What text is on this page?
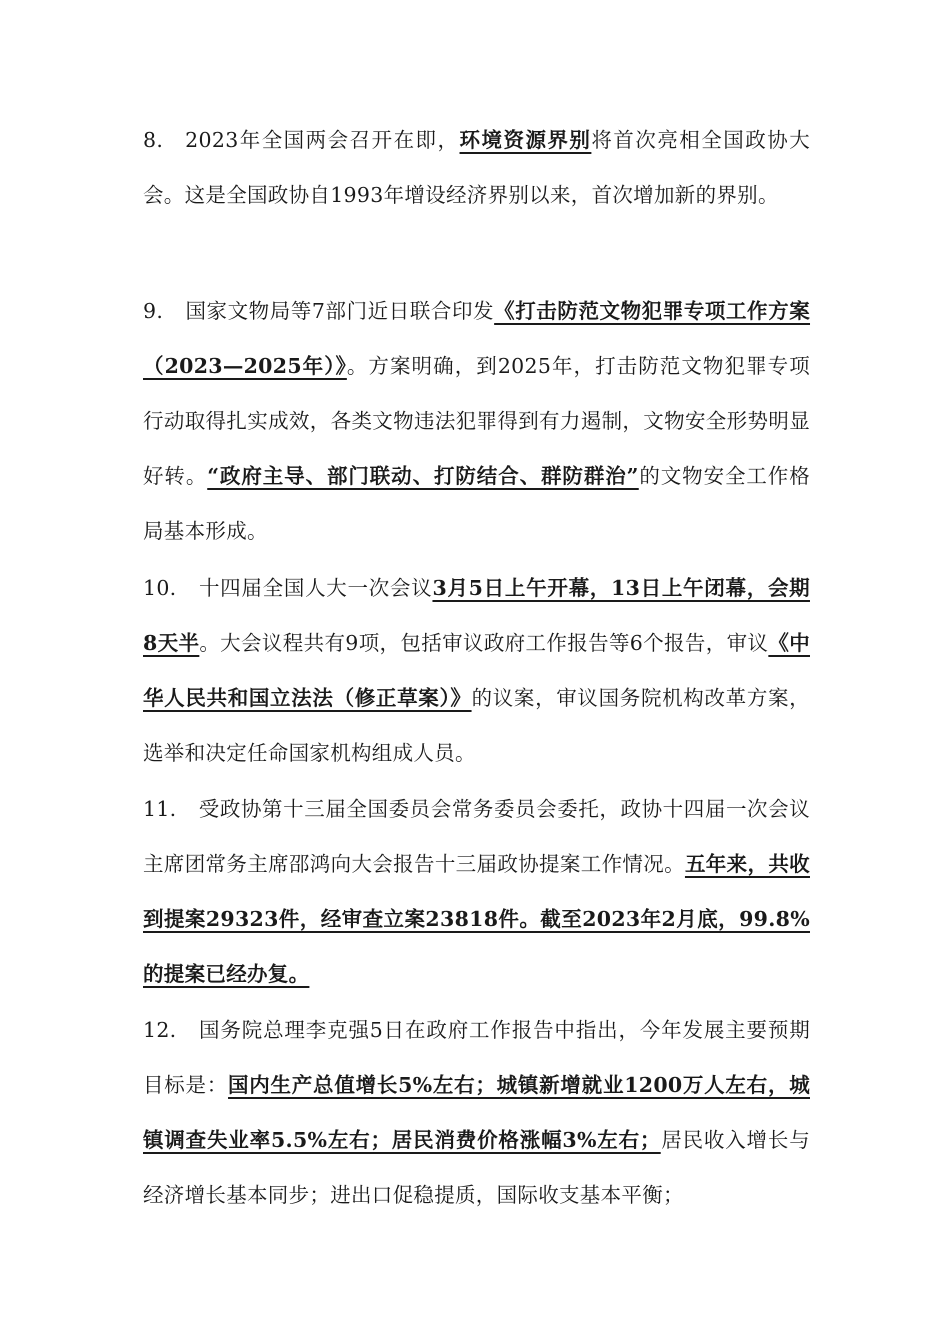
8. 2023年全国两会召开在即，环境资源界别将首次亮相全国政协大会。这是全国政协自1993年增设经济界别以来，首次增加新的界别。

9. 国家文物局等7部门近日联合印发《打击防范文物犯罪专项工作方案（2023—2025年）》。方案明确，到2025年，打击防范文物犯罪专项行动取得扎实成效，各类文物违法犯罪得到有力遏制，文物安全形势明显好转。“政府主导、部门联动、打防结合、群防群治”的文物安全工作格局基本形成。

10. 十四届全国人大一次会议3月5日上午开幕，13日上午闭幕，会期8天半。大会议程共有9项，包括审议政府工作报告等6个报告，审议《中华人民共和国立法法（修正草案）》的议案，审议国务院机构改革方案，选举和决定任命国家机构组成人员。

11. 受政协第十三届全国委员会常务委员会委托，政协十四届一次会议主席团常务主席邵鸿向大会报告十三届政协提案工作情况。五年来，共收到提案29323件，经审查立案23818件。截至2023年2月底，99.8%的提案已经办复。

12. 国务院总理李克强5日在政府工作报告中指出，今年发展主要预期目标是：国内生产总值增长5%左右；城镇新增就业1200万人左右，城镇调查失业率5.5%左右；居民消费价格涨幅3%左右；居民收入增长与经济增长基本同步；进出口促稳提质，国际收支基本平衡；
